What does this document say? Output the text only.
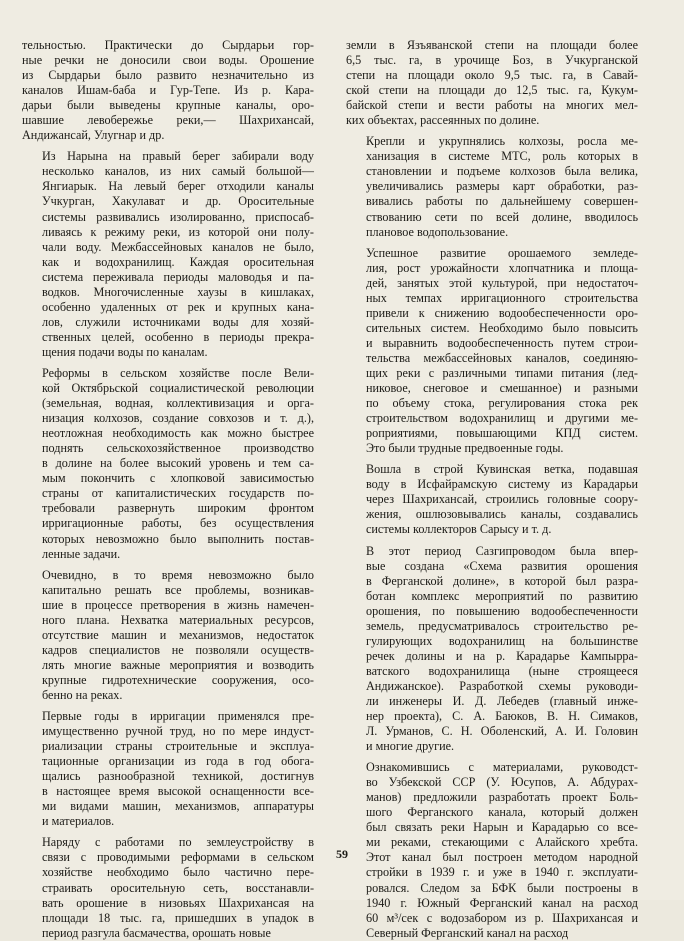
тельностью. Практически до Сырдарьи гор-
ные речки не доносили свои воды. Орошение
из Сырдарьи было развито незначительно из
каналов Ишам-баба и Гур-Тепе. Из р. Кара-
дарьи были выведены крупные каналы, оро-
шавшие левобережье реки,— Шахрихансай,
Андижансай, Улугнар и др.

Из Нарына на правый берег забирали воду
несколько каналов, из них самый большой—
Янгиарык. На левый берег отходили каналы
Учкурган, Хакулават и др. Оросительные
системы развивались изолированно, приспосаб-
ливаясь к режиму реки, из которой они полу-
чали воду. Межбассейновых каналов не было,
как и водохранилищ. Каждая оросительная
система переживала периоды маловодья и па-
водков. Многочисленные хаузы в кишлаках,
особенно удаленных от рек и крупных кана-
лов, служили источниками воды для хозяй-
ственных целей, особенно в периоды прекра-
щения подачи воды по каналам.

Реформы в сельском хозяйстве после Вели-
кой Октябрьской социалистической революции
(земельная, водная, коллективизация и орга-
низация колхозов, создание совхозов и т. д.),
неотложная необходимость как можно быстрее
поднять сельскохозяйственное производство
в долине на более высокий уровень и тем са-
мым покончить с хлопковой зависимостью
страны от капиталистических государств по-
требовали развернуть широким фронтом
ирригационные работы, без осуществления
которых невозможно было выполнить постав-
ленные задачи.

Очевидно, в то время невозможно было
капитально решать все проблемы, возникав-
шие в процессе претворения в жизнь намечен-
ного плана. Нехватка материальных ресурсов,
отсутствие машин и механизмов, недостаток
кадров специалистов не позволяли осуществ-
лять многие важные мероприятия и возводить
крупные гидротехнические сооружения, осо-
бенно на реках.

Первые годы в ирригации применялся пре-
имущественно ручной труд, но по мере индуст-
риализации страны строительные и эксплуа-
тационные организации из года в год обога-
щались разнообразной техникой, достигнув
в настоящее время высокой оснащенности все-
ми видами машин, механизмов, аппаратуры
и материалов.

Наряду с работами по землеустройству в
связи с проводимыми реформами в сельском
хозяйстве необходимо было частично пере-
страивать оросительную сеть, восстанавли-
вать орошение в низовьях Шахрихансая на
площади 18 тыс. га, пришедших в упадок в
период разгула басмачества, орошать новые

земли в Язъяванской степи на площади более
6,5 тыс. га, в урочище Боз, в Учкурганской
степи на площади около 9,5 тыс. га, в Савай-
ской степи на площади до 12,5 тыс. га, Кукум-
байской степи и вести работы на многих мел-
ких объектах, рассеянных по долине.

Крепли и укрупнялись колхозы, росла ме-
ханизация в системе МТС, роль которых в
становлении и подъеме колхозов была велика,
увеличивались размеры карт обработки, раз-
вивались работы по дальнейшему совершен-
ствованию сети по всей долине, вводилось
плановое водопользование.

Успешное развитие орошаемого земледе-
лия, рост урожайности хлопчатника и площа-
дей, занятых этой культурой, при недостаточ-
ных темпах ирригационного строительства
привели к снижению водообеспеченности оро-
сительных систем. Необходимо было повысить
и выравнить водообеспеченность путем строи-
тельства межбассейновых каналов, соединяю-
щих реки с различными типами питания (лед-
никовое, снеговое и смешанное) и разными
по объему стока, регулирования стока рек
строительством водохранилищ и другими ме-
роприятиями, повышающими КПД систем.
Это были трудные предвоенные годы.

Вошла в строй Кувинская ветка, подавшая
воду в Исфайрамскую систему из Карадарьи
через Шахрихансай, строились головные соору-
жения, ошлюзовывались каналы, создавались
системы коллекторов Сарысу и т. д.

В этот период Сазгипроводом была впер-
вые создана «Схема развития орошения
в Ферганской долине», в которой был разра-
ботан комплекс мероприятий по развитию
орошения, по повышению водообеспеченности
земель, предусматривалось строительство ре-
гулирующих водохранилищ на большинстве
речек долины и на р. Карадарье Кампырра-
ватского водохранилища (ныне строящееся
Андижанское). Разработкой схемы руководи-
ли инженеры И. Д. Лебедев (главный инже-
нер проекта), С. А. Баюков, В. Н. Симаков,
Л. Урманов, С. Н. Оболенский, А. И. Головин
и многие другие.

Ознакомившись с материалами, руководст-
во Узбекской ССР (У. Юсупов, А. Абдурах-
манов) предложили разработать проект Боль-
шого Ферганского канала, который должен
был связать реки Нарын и Карадарью со все-
ми реками, стекающими с Алайского хребта.
Этот канал был построен методом народной
стройки в 1939 г. и уже в 1940 г. эксплуати-
ровался. Следом за БФК были построены в
1940 г. Южный Ферганский канал на расход
60 м³/сек с водозабором из р. Шахрихансая и
Северный Ферганский канал на расход

59
